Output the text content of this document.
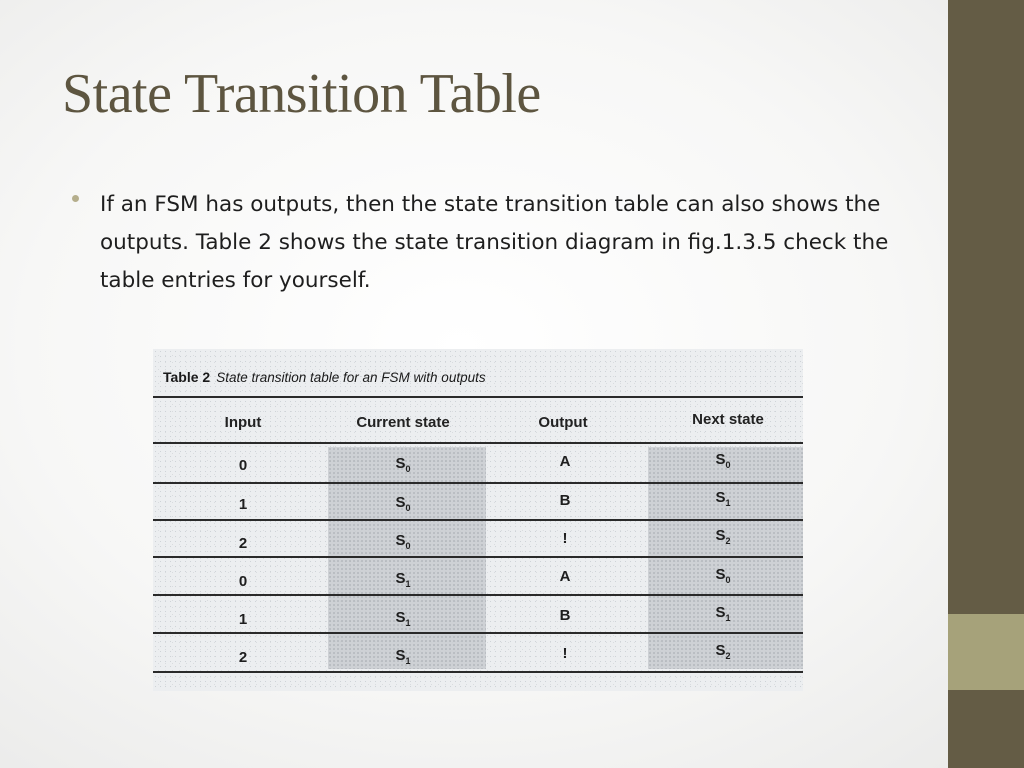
State Transition Table
If an FSM has outputs, then the state transition table can also shows the outputs. Table 2 shows the state transition diagram in fig.1.3.5 check the table entries for yourself.
Table 2 State transition table for an FSM with outputs
Input	Current state	Output	Next state
0	$S_0$	A	$S_0$
1	$S_0$	B	$S_1$
2	$S_0$	!	$S_2$
0	$S_1$	A	$S_0$
1	$S_1$	B	$S_1$
2	$S_1$	!	$S_2$
